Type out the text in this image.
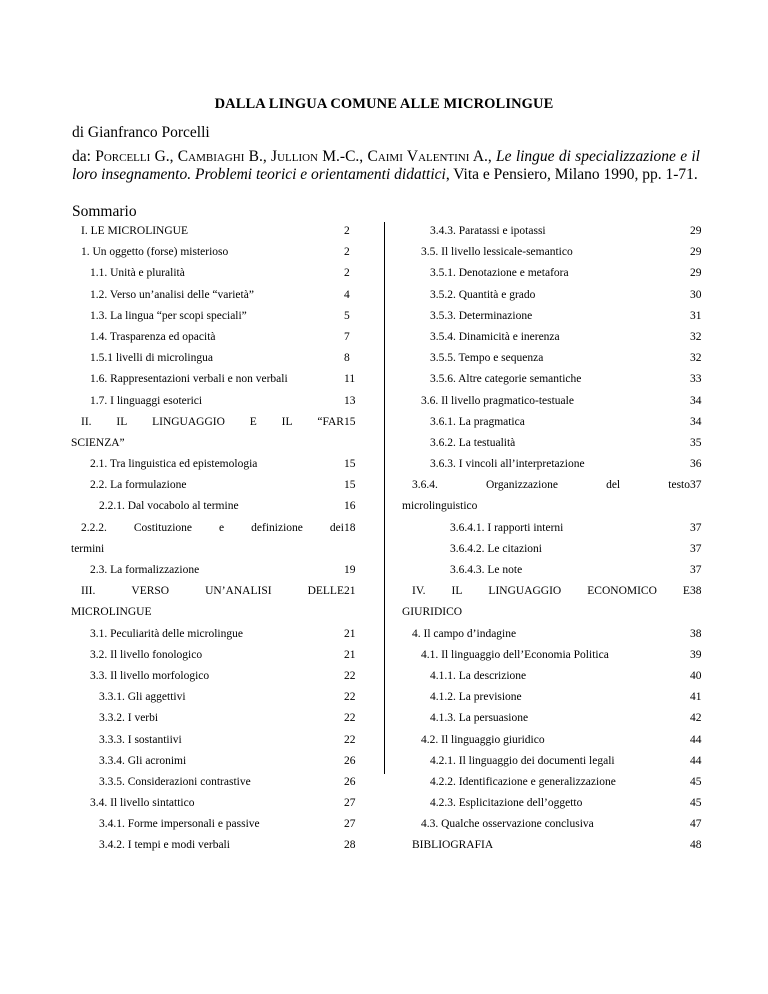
DALLA LINGUA COMUNE ALLE MICROLINGUE
di Gianfranco Porcelli
da: Porcelli G., Cambiaghi B., Jullion M.-C., Caimi Valentini A., Le lingue di specializzazione e il loro insegnamento. Problemi teorici e orientamenti didattici, Vita e Pensiero, Milano 1990, pp. 1-71.
Sommario
I. LE MICROLINGUE	2
1. Un oggetto (forse) misterioso	2
1.1. Unità e pluralità	2
1.2. Verso un’analisi delle “varietà”	4
1.3. La lingua “per scopi speciali”	5
1.4. Trasparenza ed opacità	7
1.5.1 livelli di microlingua	8
1.6. Rappresentazioni verbali e non verbali	11
1.7. I linguaggi esoterici	13
II. IL LINGUAGGIO E IL “FAR 15
SCIENZA”
2.1. Tra linguistica ed epistemologia	15
2.2. La formulazione	15
2.2.1. Dal vocabolo al termine	16
2.2.2. Costituzione e definizione dei 18
termini
2.3. La formalizzazione	19
III.	VERSO	UN’ANALISI	DELLE 21
MICROLINGUE
3.1. Peculiarità delle microlingue	21
3.2. Il livello fonologico	21
3.3. Il livello morfologico	22
3.3.1. Gli aggettivi	22
3.3.2. I verbi	22
3.3.3. I sostantiivi	22
3.3.4. Gli acronimi	26
3.3.5. Considerazioni contrastive	26
3.4. Il livello sintattico	27
3.4.1. Forme impersonali e passive	27
3.4.2. I tempi e modi verbali	28
3.4.3. Paratassi e ipotassi	29
3.5. Il livello lessicale-semantico	29
3.5.1. Denotazione e metafora	29
3.5.2. Quantità e grado	30
3.5.3. Determinazione	31
3.5.4. Dinamicità e inerenza	32
3.5.5. Tempo e sequenza	32
3.5.6. Altre categorie semantiche	33
3.6. Il livello pragmatico-testuale	34
3.6.1. La pragmatica	34
3.6.2. La testualità	35
3.6.3. I vincoli all’interpretazione	36
3.6.4.	Organizzazione	del	testo 37
microlinguistico
3.6.4.1. I rapporti interni	37
3.6.4.2. Le citazioni	37
3.6.4.3. Le note	37
IV. IL LINGUAGGIO ECONOMICO E 38
GIURIDICO
4. Il campo d’indagine	38
4.1. Il linguaggio dell’Economia Politica	39
4.1.1. La descrizione	40
4.1.2. La previsione	41
4.1.3. La persuasione	42
4.2. Il linguaggio giuridico	44
4.2.1. Il linguaggio dei documenti legali	44
4.2.2. Identificazione e generalizzazione	45
4.2.3. Esplicitazione dell’oggetto	45
4.3. Qualche osservazione conclusiva	47
BIBLIOGRAFIA	48
